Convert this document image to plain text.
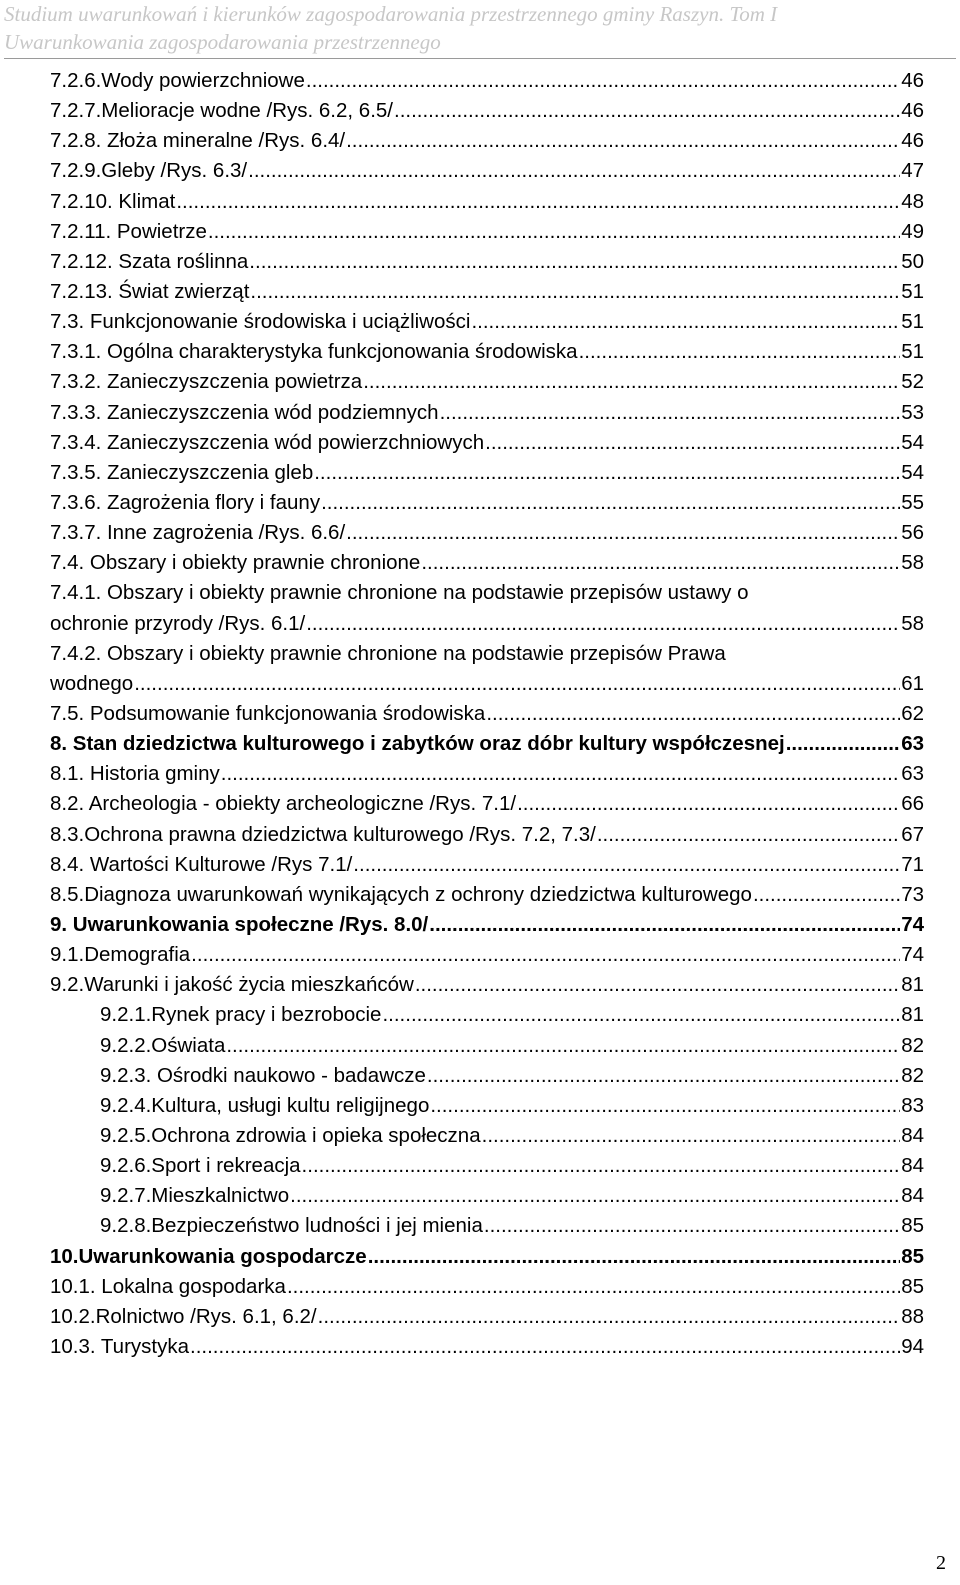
Studium uwarunkowań i kierunków zagospodarowania przestrzennego gminy Raszyn. Tom I
Uwarunkowania zagospodarowania przestrzennego
7.2.6.Wody powierzchniowe .....	46
7.2.7.Melioracje wodne /Rys. 6.2, 6.5/ .....	46
7.2.8. Złoża mineralne /Rys. 6.4/ .....	46
7.2.9.Gleby /Rys. 6.3/ .....	47
7.2.10. Klimat .....	48
7.2.11. Powietrze .....	49
7.2.12. Szata roślinna .....	50
7.2.13. Świat zwierząt .....	51
7.3. Funkcjonowanie środowiska i uciążliwości .....	51
7.3.1. Ogólna charakterystyka funkcjonowania środowiska .....	51
7.3.2. Zanieczyszczenia powietrza .....	52
7.3.3. Zanieczyszczenia wód podziemnych .....	53
7.3.4. Zanieczyszczenia wód powierzchniowych .....	54
7.3.5. Zanieczyszczenia gleb .....	54
7.3.6. Zagrożenia flory i fauny .....	55
7.3.7. Inne zagrożenia /Rys. 6.6/ .....	56
7.4. Obszary i obiekty prawnie chronione .....	58
7.4.1. Obszary i obiekty prawnie chronione na podstawie przepisów ustawy o
ochronie przyrody /Rys. 6.1/ .....	58
7.4.2. Obszary i obiekty prawnie chronione na podstawie przepisów Prawa
wodnego .....	61
7.5. Podsumowanie funkcjonowania środowiska .....	62
8. Stan dziedzictwa kulturowego i zabytków oraz dóbr kultury współczesnej .....	63
8.1. Historia gminy .....	63
8.2. Archeologia - obiekty archeologiczne /Rys. 7.1/ .....	66
8.3.Ochrona prawna dziedzictwa kulturowego /Rys. 7.2, 7.3/ .....	67
8.4. Wartości Kulturowe /Rys 7.1/ .....	71
8.5.Diagnoza uwarunkowań wynikających z ochrony dziedzictwa kulturowego .....	73
9. Uwarunkowania społeczne /Rys. 8.0/ .....	74
9.1.Demografia .....	74
9.2.Warunki i jakość życia mieszkańców .....	81
9.2.1.Rynek pracy i bezrobocie .....	81
9.2.2.Oświata .....	82
9.2.3. Ośrodki naukowo - badawcze .....	82
9.2.4.Kultura, usługi kultu religijnego .....	83
9.2.5.Ochrona zdrowia i opieka społeczna .....	84
9.2.6.Sport i rekreacja .....	84
9.2.7.Mieszkalnictwo .....	84
9.2.8.Bezpieczeństwo ludności i jej mienia .....	85
10.Uwarunkowania gospodarcze .....	85
10.1. Lokalna gospodarka .....	85
10.2.Rolnictwo /Rys. 6.1, 6.2/ .....	88
10.3. Turystyka .....	94
2
